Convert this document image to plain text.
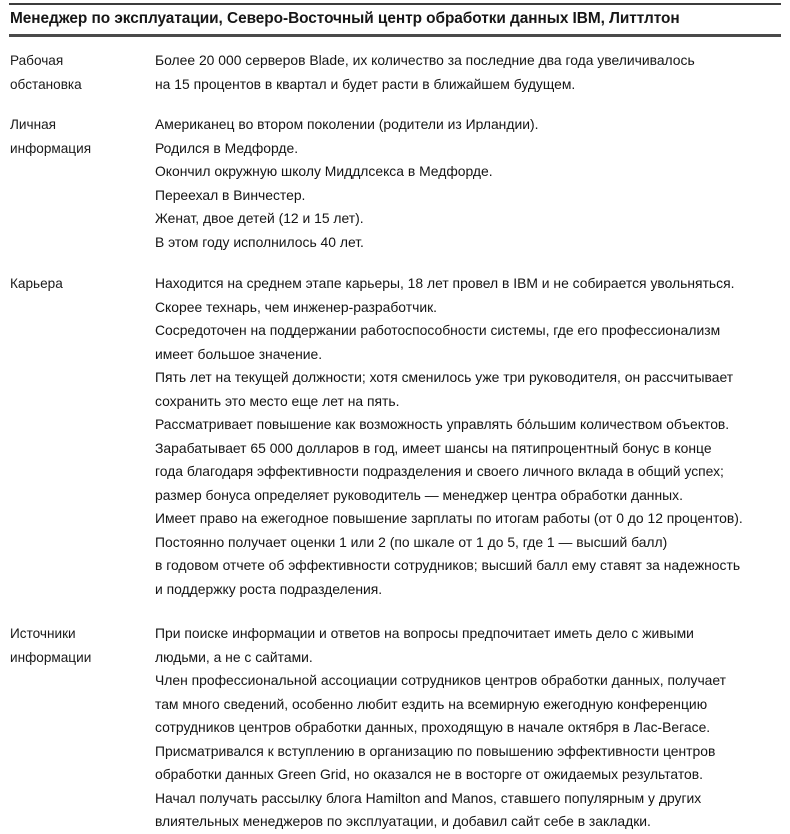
Менеджер по эксплуатации, Северо-Восточный центр обработки данных IBM, Литтлтон
Рабочая
обстановка

Более 20 000 серверов Blade, их количество за последние два года увеличивалось
на 15 процентов в квартал и будет расти в ближайшем будущем.

Личная
информация

Американец во втором поколении (родители из Ирландии).

Родился в Медфорде.

Окончил окружную школу Миддлсекса в Медфорде.

Переехал в Винчестер.

Женат, двое детей (12 и 15 лет).

В этом году исполнилось 40 лет.

Карьера	Находится на среднем этапе карьеры, 18 лет провел в IBM и не собирается увольняться.

Скорее технарь, чем инженер-разработчик.

Сосредоточен на поддержании работоспособности системы, где его профессионализм
имеет большое значение.

Пять лет на текущей должности; хотя сменилось уже три руководителя, он рассчитывает
сохранить это место еще лет на пять.

Рассматривает повышение как возможность управлять бо́льшим количеством объектов.

Зарабатывает 65 000 долларов в год, имеет шансы на пятипроцентный бонус в конце
года благодаря эффективности подразделения и своего личного вклада в общий успех;
размер бонуса определяет руководитель — менеджер центра обработки данных.

Имеет право на ежегодное повышение зарплаты по итогам работы (от 0 до 12 процентов).

Постоянно получает оценки 1 или 2 (по шкале от 1 до 5, где 1 — высший балл)
в годовом отчете об эффективности сотрудников; высший балл ему ставят за надежность
и поддержку роста подразделения.

Источники
информации

При поиске информации и ответов на вопросы предпочитает иметь дело с живыми
людьми, а не с сайтами.

Член профессиональной ассоциации сотрудников центров обработки данных, получает
там много сведений, особенно любит ездить на всемирную ежегодную конференцию
сотрудников центров обработки данных, проходящую в начале октября в Лас-Вегасе.

Присматривался к вступлению в организацию по повышению эффективности центров
обработки данных Green Grid, но оказался не в восторге от ожидаемых результатов.

Начал получать рассылку блога Hamilton and Manos, ставшего популярным у других
влиятельных менеджеров по эксплуатации, и добавил сайт себе в закладки.
